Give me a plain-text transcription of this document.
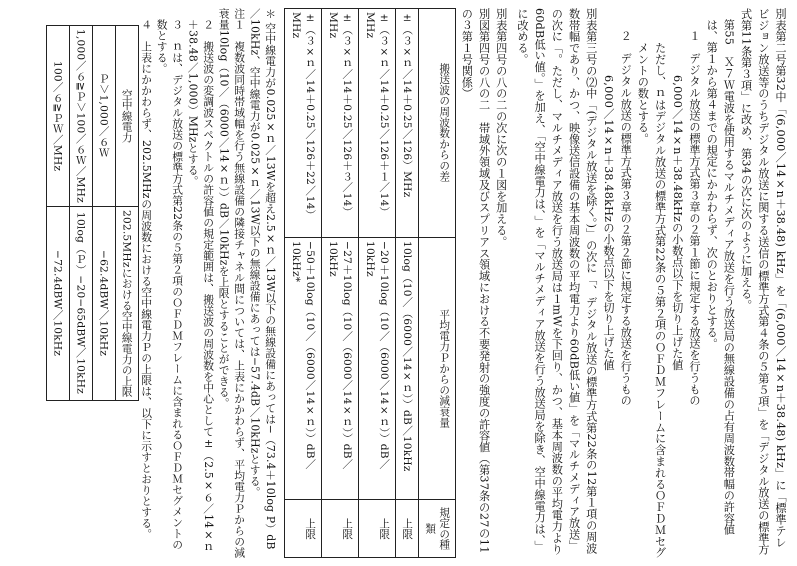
別表第二号第32中「(6,000／14×n＋38.48) kHz」を「(6,000／14×n＋38.48) kHz」に「標準テレビジョン放送等のうちデジタル放送に関する送信の標準方式第４条の５第５項」を「デジタル放送の標準方式第11条第３項」に改め、第34の次に次のように加える。

第55　Ｘ７Ｗ電波を使用するマルチメディア放送を行う放送局の無線設備の占有周波数帯幅の許容値は、第１から第４までの規定にかかわらず、次のとおりとする。

１　デジタル放送の標準方式第３章の２第１節に規定する放送を行うもの

6,000／14×n＋38.48kHzの小数点以下を切り上げた値

ただし、ｎはデジタル放送の標準方式第22条の５第２項のＯＦＤＭフレームに含まれるＯＦＤＭセグメントの数とする。

２　デジタル放送の標準方式第３章の２第２節に規定する放送を行うもの

6,000／14×n＋38.48kHzの小数点以下を切り上げた値

別表第三号の⑵中「(デジタル放送を除く。)」の次に「、デジタル放送の標準方式第22条の12第１項の周波数帯幅であり、かつ、映像送信設備の基本周波数の平均電力より60dB低い値」を「マルチメディア放送」の次に「。ただし、マルチメディア放送を行う放送局は１mWを下回り、かつ、基本周波数の平均電力より60dB低い値。」を加え、「空中線電力は、」を「マルチメディア放送を行う放送局を除き、空中線電力は、」に改める。

別表第四号の八の二の次に次の１図を加える。

別図第四号の八の二　帯域外領域及びスプリアス領域における不要発射の強度の許容値（第37条の27の11の３第１号関係）

搬送波の周波数からの差	平均電力Ｐからの減衰量	規定の種類
±（３×ｎ／14＋0.25／126）MHz	10log（10／（6000／14×ｎ））dB／10kHz	上限
±（３×ｎ／14＋0.25／126＋１／14）MHz	−20＋10log（10／（6000／14×ｎ））dB／10kHz	上限
±（３×ｎ／14＋0.25／126＋３／14）MHz	−27＋10log（10／（6000／14×ｎ））dB／10kHz	上限
±（３×ｎ／14＋0.25／126＋22／14）MHz	−50＋10log（10／（6000／14×ｎ））dB／10kHz*	上限

＊ 空中線電力が0.025×ｎ／13Wを超え2.5×ｎ／13W以下の無線設備にあっては−（73.4＋10log P）dB／10kHz、空中線電力が0.025×ｎ／13W以下の無線設備にあっては−57.4dB／10kHzとする。

注１　複数波同時帯域幅を行う無線設備の隣接チャネル間については、上表にかかわらず、平均電力Ｐからの減衰量10log（10／（6000／14×ｎ））dB／10kHzを上限とすることができる。

２　搬送波の変調波スペクトルの許容値の規定範囲は、搬送波の周波数を中心として±（2.5×６／14×ｎ＋38.48／1,000）MHzとする。

３　ｎは、デジタル放送の標準方式第22条の５第２項のＯＦＤＭフレームに含まれるＯＦＤＭセグメントの数とする。

４　上表にかかわらず、202.5MHzの周波数における空中線電力Ｐの上限は、以下に示すとおりとする。

空中線電力	202.5MHzにおける空中線電力の上限
Ｐ＞1,000／６Ｗ	−62.4dBW／10kHz
1,000／６≧Ｐ＞100／６Ｗ／MHz	10log（Ｐ）−20−65dBW／10kHz
100／６≧ＰＷ／MHz	−72.4dBW／10kHz
